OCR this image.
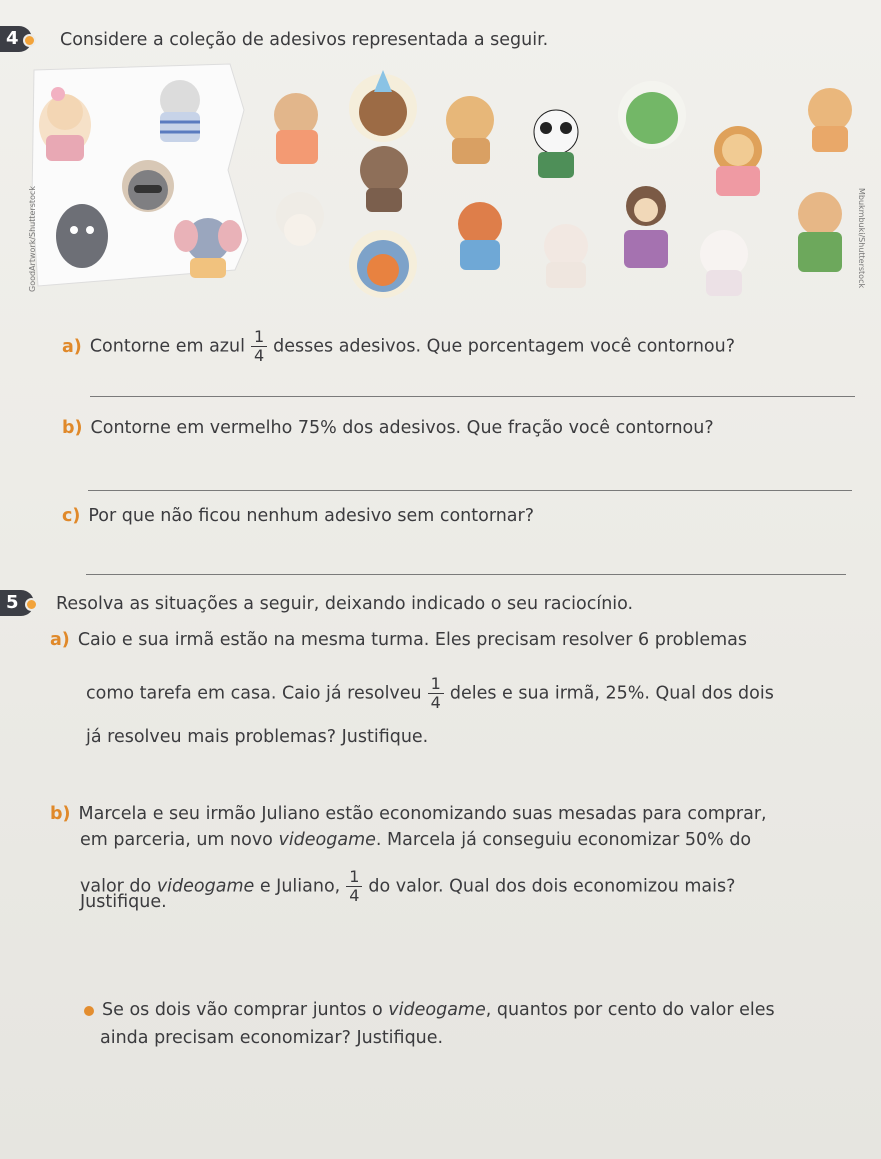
4	Considere a coleção de adesivos representada a seguir.
GoodArtwork/Shutterstock	Mbukmbuki/Shutterstock
a) Contorne em azul $\frac{1}{4}$ desses adesivos. Que porcentagem você contornou?
b) Contorne em vermelho 75% dos adesivos. Que fração você contornou?
c) Por que não ficou nenhum adesivo sem contornar?
5	Resolva as situações a seguir, deixando indicado o seu raciocínio.
a) Caio e sua irmã estão na mesma turma. Eles precisam resolver 6 problemas
como tarefa em casa. Caio já resolveu $\frac{1}{4}$ deles e sua irmã, 25%. Qual dos dois
já resolveu mais problemas? Justifique.
b) Marcela e seu irmão Juliano estão economizando suas mesadas para comprar,
em parceria, um novo videogame. Marcela já conseguiu economizar 50% do
valor do videogame e Juliano, $\frac{1}{4}$ do valor. Qual dos dois economizou mais?
Justifique.
Se os dois vão comprar juntos o videogame, quantos por cento do valor eles
ainda precisam economizar? Justifique.
